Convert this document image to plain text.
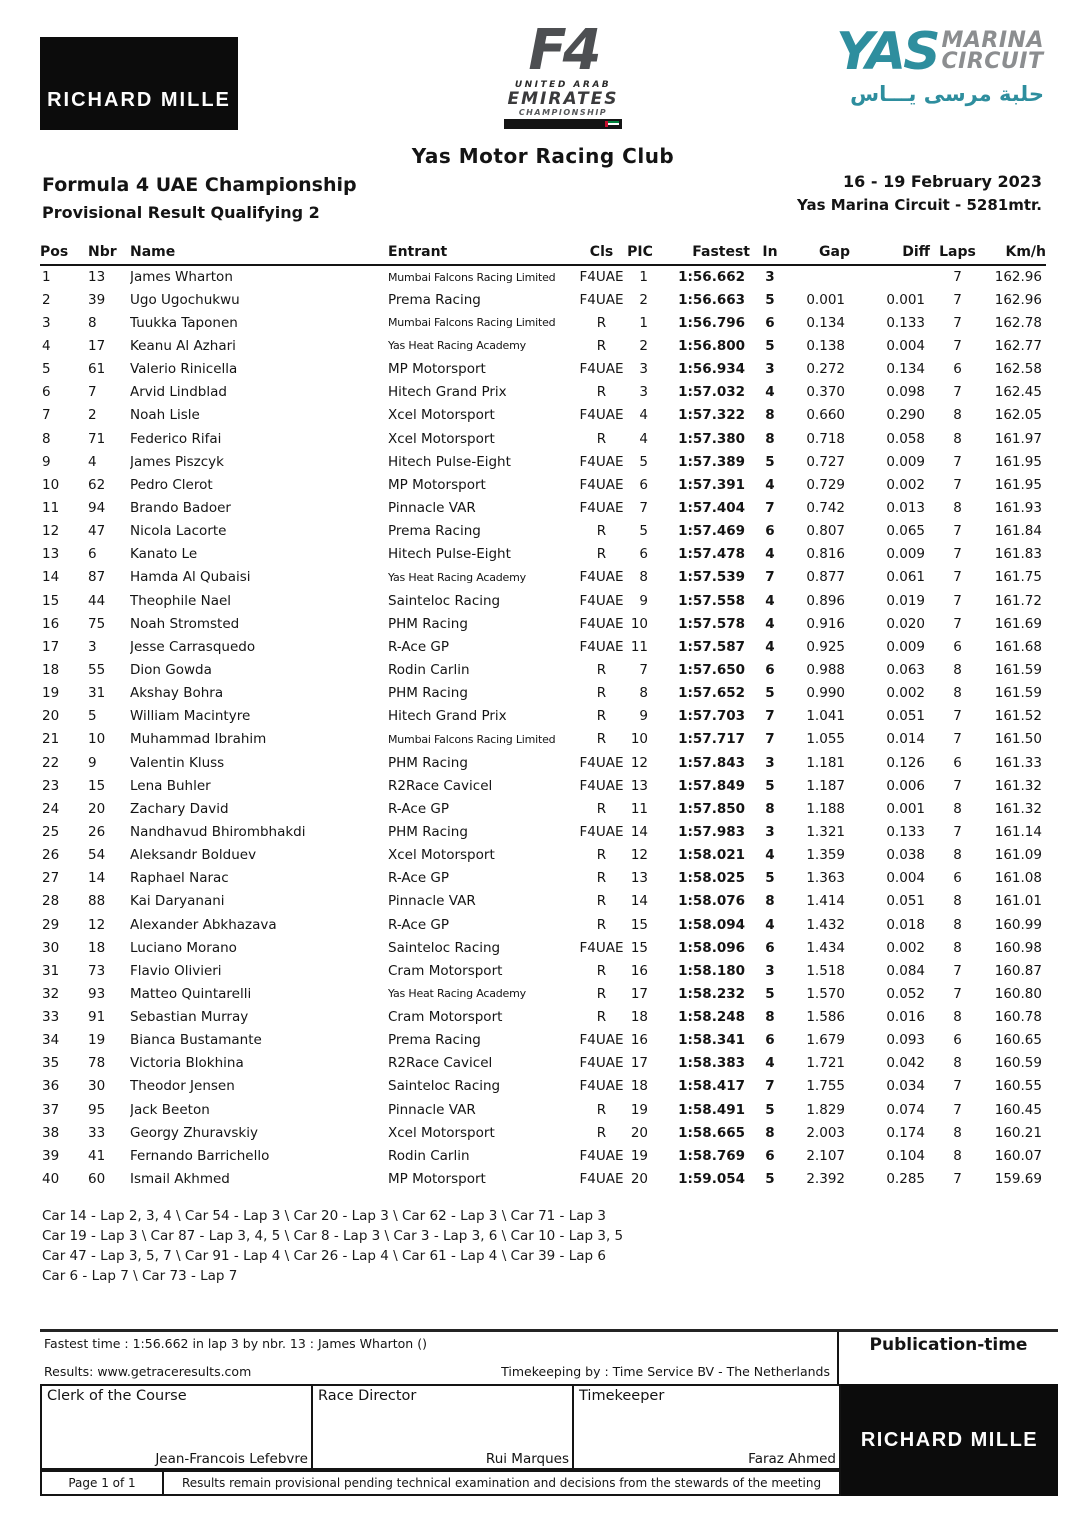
RICHARD MILLE
F4
UNITED ARAB
EMIRATES
CHAMPIONSHIP
YAS MARINA
CIRCUIT
حلبة مرسى يـــاس
Yas Motor Racing Club
Formula 4 UAE Championship
Provisional Result Qualifying 2
16 - 19 February 2023
Yas Marina Circuit - 5281mtr.
Pos	Nbr	Name	Entrant	Cls	PIC	Fastest	In	Gap	Diff	Laps	Km/h
1	13	James Wharton	Mumbai Falcons Racing Limited	F4UAE	1	1:56.662	3			7	162.96
2	39	Ugo Ugochukwu	Prema Racing	F4UAE	2	1:56.663	5	0.001	0.001	7	162.96
3	8	Tuukka Taponen	Mumbai Falcons Racing Limited	R	1	1:56.796	6	0.134	0.133	7	162.78
4	17	Keanu Al Azhari	Yas Heat Racing Academy	R	2	1:56.800	5	0.138	0.004	7	162.77
5	61	Valerio Rinicella	MP Motorsport	F4UAE	3	1:56.934	3	0.272	0.134	6	162.58
6	7	Arvid Lindblad	Hitech Grand Prix	R	3	1:57.032	4	0.370	0.098	7	162.45
7	2	Noah Lisle	Xcel Motorsport	F4UAE	4	1:57.322	8	0.660	0.290	8	162.05
8	71	Federico Rifai	Xcel Motorsport	R	4	1:57.380	8	0.718	0.058	8	161.97
9	4	James Piszcyk	Hitech Pulse-Eight	F4UAE	5	1:57.389	5	0.727	0.009	7	161.95
10	62	Pedro Clerot	MP Motorsport	F4UAE	6	1:57.391	4	0.729	0.002	7	161.95
11	94	Brando Badoer	Pinnacle VAR	F4UAE	7	1:57.404	7	0.742	0.013	8	161.93
12	47	Nicola Lacorte	Prema Racing	R	5	1:57.469	6	0.807	0.065	7	161.84
13	6	Kanato Le	Hitech Pulse-Eight	R	6	1:57.478	4	0.816	0.009	7	161.83
14	87	Hamda Al Qubaisi	Yas Heat Racing Academy	F4UAE	8	1:57.539	7	0.877	0.061	7	161.75
15	44	Theophile Nael	Sainteloc Racing	F4UAE	9	1:57.558	4	0.896	0.019	7	161.72
16	75	Noah Stromsted	PHM Racing	F4UAE	10	1:57.578	4	0.916	0.020	7	161.69
17	3	Jesse Carrasquedo	R-Ace GP	F4UAE	11	1:57.587	4	0.925	0.009	6	161.68
18	55	Dion Gowda	Rodin Carlin	R	7	1:57.650	6	0.988	0.063	8	161.59
19	31	Akshay Bohra	PHM Racing	R	8	1:57.652	5	0.990	0.002	8	161.59
20	5	William Macintyre	Hitech Grand Prix	R	9	1:57.703	7	1.041	0.051	7	161.52
21	10	Muhammad Ibrahim	Mumbai Falcons Racing Limited	R	10	1:57.717	7	1.055	0.014	7	161.50
22	9	Valentin Kluss	PHM Racing	F4UAE	12	1:57.843	3	1.181	0.126	6	161.33
23	15	Lena Buhler	R2Race Cavicel	F4UAE	13	1:57.849	5	1.187	0.006	7	161.32
24	20	Zachary David	R-Ace GP	R	11	1:57.850	8	1.188	0.001	8	161.32
25	26	Nandhavud Bhirombhakdi	PHM Racing	F4UAE	14	1:57.983	3	1.321	0.133	7	161.14
26	54	Aleksandr Bolduev	Xcel Motorsport	R	12	1:58.021	4	1.359	0.038	8	161.09
27	14	Raphael Narac	R-Ace GP	R	13	1:58.025	5	1.363	0.004	6	161.08
28	88	Kai Daryanani	Pinnacle VAR	R	14	1:58.076	8	1.414	0.051	8	161.01
29	12	Alexander Abkhazava	R-Ace GP	R	15	1:58.094	4	1.432	0.018	8	160.99
30	18	Luciano Morano	Sainteloc Racing	F4UAE	15	1:58.096	6	1.434	0.002	8	160.98
31	73	Flavio Olivieri	Cram Motorsport	R	16	1:58.180	3	1.518	0.084	7	160.87
32	93	Matteo Quintarelli	Yas Heat Racing Academy	R	17	1:58.232	5	1.570	0.052	7	160.80
33	91	Sebastian Murray	Cram Motorsport	R	18	1:58.248	8	1.586	0.016	8	160.78
34	19	Bianca Bustamante	Prema Racing	F4UAE	16	1:58.341	6	1.679	0.093	6	160.65
35	78	Victoria Blokhina	R2Race Cavicel	F4UAE	17	1:58.383	4	1.721	0.042	8	160.59
36	30	Theodor Jensen	Sainteloc Racing	F4UAE	18	1:58.417	7	1.755	0.034	7	160.55
37	95	Jack Beeton	Pinnacle VAR	R	19	1:58.491	5	1.829	0.074	7	160.45
38	33	Georgy Zhuravskiy	Xcel Motorsport	R	20	1:58.665	8	2.003	0.174	8	160.21
39	41	Fernando Barrichello	Rodin Carlin	F4UAE	19	1:58.769	6	2.107	0.104	8	160.07
40	60	Ismail Akhmed	MP Motorsport	F4UAE	20	1:59.054	5	2.392	0.285	7	159.69
Car 14 - Lap 2, 3, 4 \ Car 54 - Lap 3 \ Car 20 - Lap 3 \ Car 62 - Lap 3 \ Car 71 - Lap 3
Car 19 - Lap 3 \ Car 87 - Lap 3, 4, 5 \ Car 8 - Lap 3 \ Car 3 - Lap 3, 6 \ Car 10 - Lap 3, 5
Car 47 - Lap 3, 5, 7 \ Car 91 - Lap 4 \ Car 26 - Lap 4 \ Car 61 - Lap 4 \ Car 39 - Lap 6
Car 6 - Lap 7 \ Car 73 - Lap 7
Publication-time
Fastest time : 1:56.662 in lap 3 by nbr. 13 : James Wharton ()
Results: www.getraceresults.com	Timekeeping by : Time Service BV - The Netherlands
Clerk of the Course
Jean-Francois Lefebvre
Race Director
Rui Marques
Timekeeper
Faraz Ahmed
Page 1 of 1	Results remain provisional pending technical examination and decisions from the stewards of the meeting
RICHARD MILLE
